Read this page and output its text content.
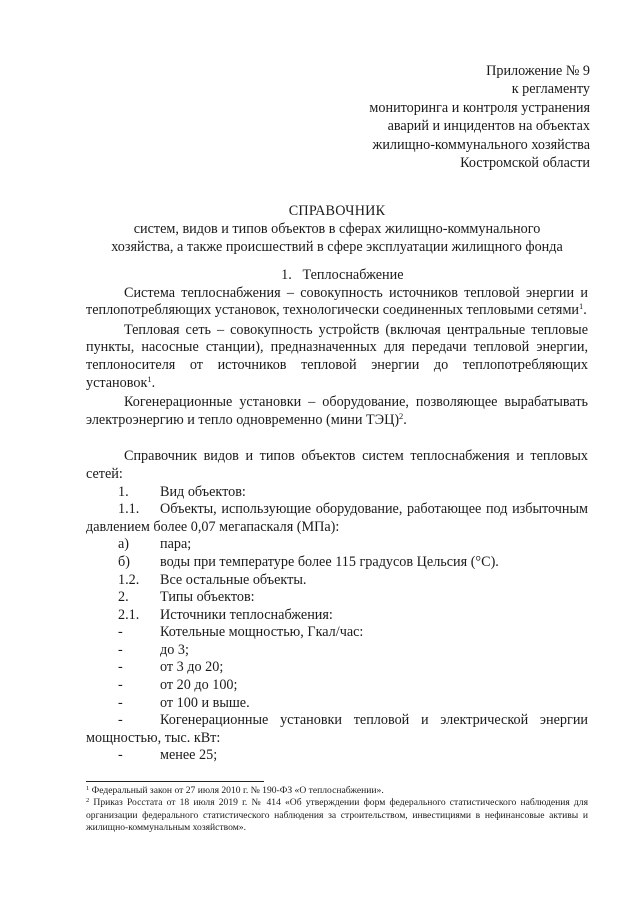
Приложение № 9
к регламенту
мониторинга и контроля устранения
аварий и инцидентов на объектах
жилищно-коммунального хозяйства
Костромской области
СПРАВОЧНИК
систем, видов и типов объектов в сферах жилищно-коммунального
хозяйства, а также происшествий в сфере эксплуатации жилищного фонда
1. Теплоснабжение

Система теплоснабжения – совокупность источников тепловой энергии и теплопотребляющих установок, технологически соединенных тепловыми сетями$^1$.

Тепловая сеть – совокупность устройств (включая центральные тепловые пункты, насосные станции), предназначенных для передачи тепловой энергии, теплоносителя от источников тепловой энергии до теплопотребляющих установок$^1$.

Когенерационные установки – оборудование, позволяющее вырабатывать электроэнергию и тепло одновременно (мини ТЭЦ)$^2$.

Справочник видов и типов объектов систем теплоснабжения и тепловых сетей:

1. Вид объектов:

1.1. Объекты, использующие оборудование, работающее под избыточным давлением более 0,07 мегапаскаля (МПа):

а) пара;

б) воды при температуре более 115 градусов Цельсия (°С).

1.2. Все остальные объекты.

2. Типы объектов:

2.1. Источники теплоснабжения:

-	Котельные мощностью, Гкал/час:

-	до 3;

-	от 3 до 20;

-	от 20 до 100;

-	от 100 и выше.

-	Когенерационные установки тепловой и электрической энергии мощностью, тыс. кВт:

-	менее 25;

$^1$ Федеральный закон от 27 июля 2010 г. № 190-ФЗ «О теплоснабжении».

$^2$ Приказ Росстата от 18 июля 2019 г. № 414 «Об утверждении форм федерального статистического наблюдения для организации федерального статистического наблюдения за строительством, инвестициями в нефинансовые активы и жилищно-коммунальным хозяйством».
